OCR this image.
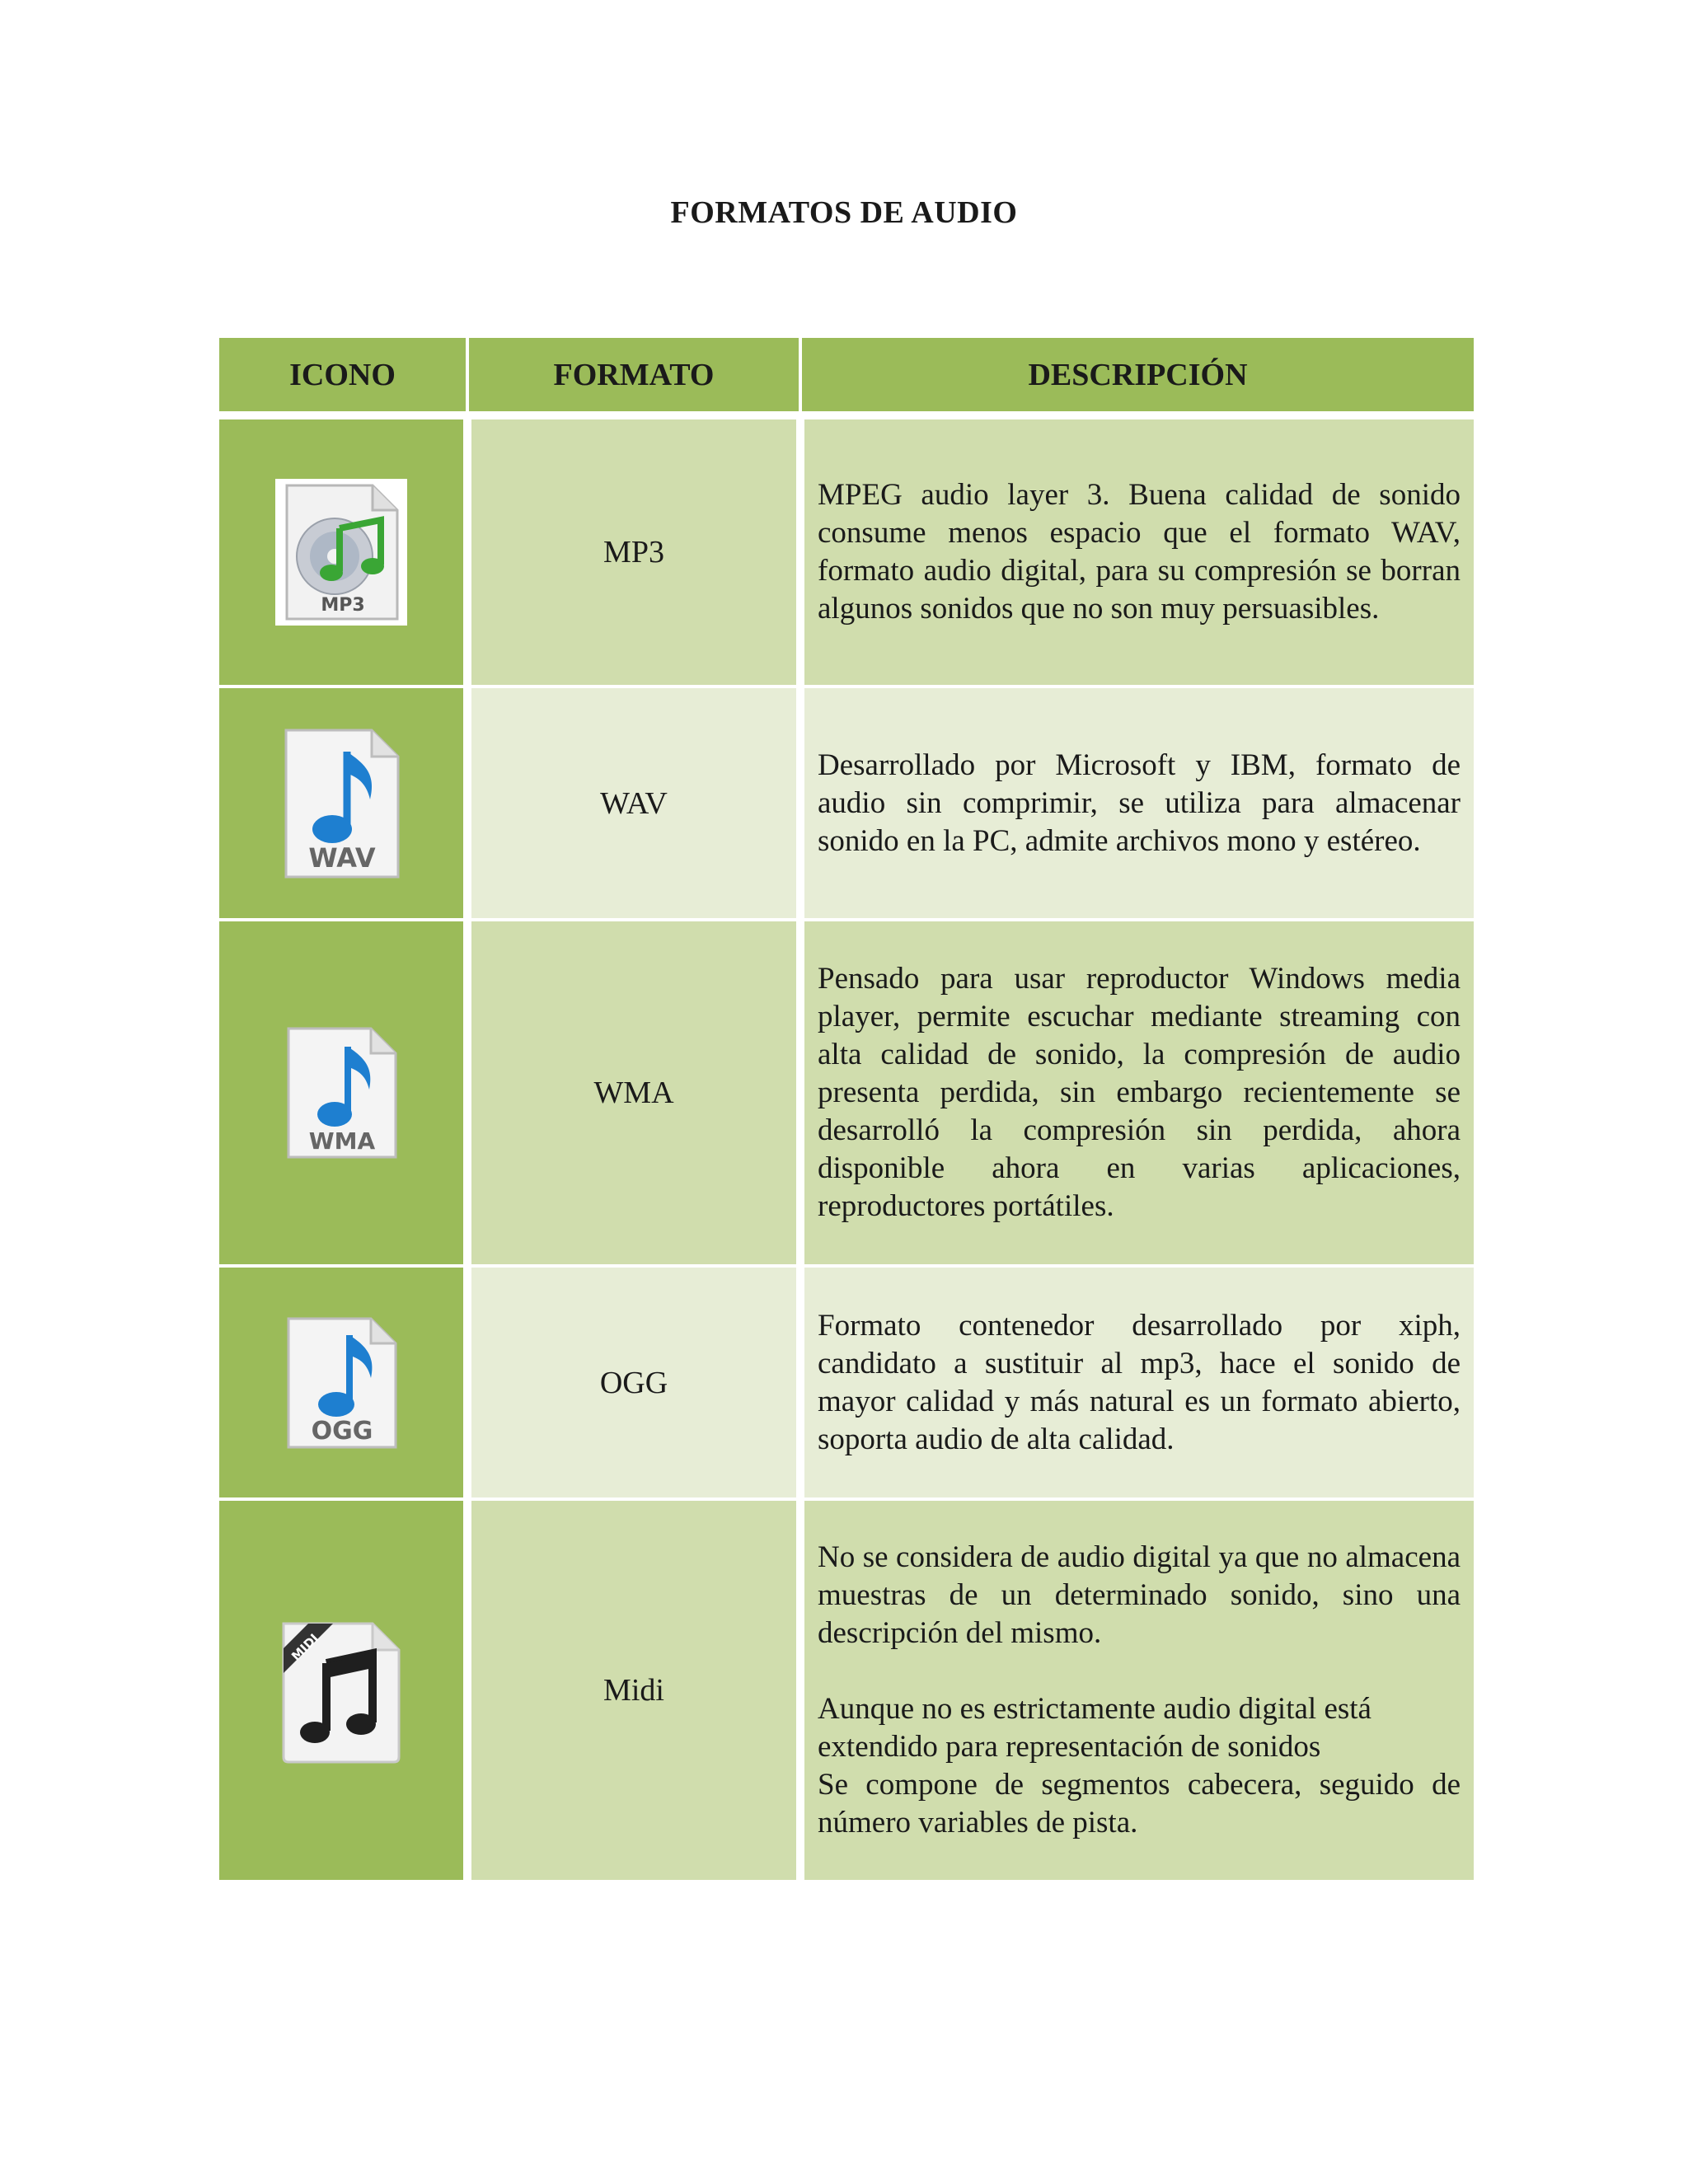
FORMATOS DE AUDIO
ICONO	FORMATO	DESCRIPCIÓN

MP3	MP3	MPEG audio layer 3. Buena calidad de sonido consume menos espacio que el formato WAV, formato audio digital, para su compresión se borran algunos sonidos que no son muy persuasibles.

WAV	WAV	Desarrollado por Microsoft y IBM, formato de audio sin comprimir, se utiliza para almacenar sonido en la PC, admite archivos mono y estéreo.

WMA	WMA	Pensado para usar reproductor Windows media player, permite escuchar mediante streaming con alta calidad de sonido, la compresión de audio presenta perdida, sin embargo recientemente se desarrolló la compresión sin perdida, ahora disponible ahora en varias aplicaciones, reproductores portátiles.

OGG	OGG	Formato contenedor desarrollado por xiph, candidato a sustituir al mp3, hace el sonido de mayor calidad y más natural es un formato abierto, soporta audio de alta calidad.

MIDI	Midi	No se considera de audio digital ya que no almacena muestras de un determinado sonido, sino una descripción del mismo.

Aunque no es estrictamente audio digital está extendido para representación de sonidos

Se compone de segmentos cabecera, seguido de número variables de pista.
